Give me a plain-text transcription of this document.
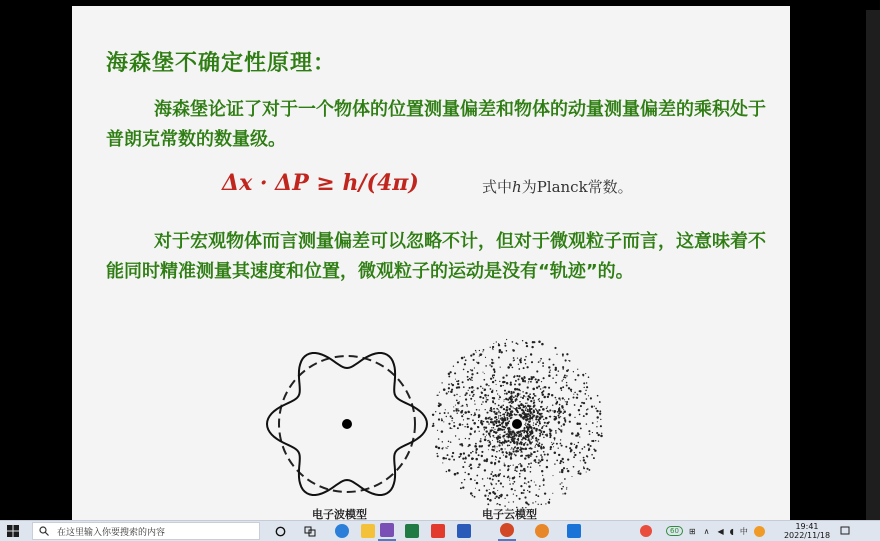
海森堡不确定性原理：
海森堡论证了对于一个物体的位置测量偏差和物体的动量测量偏差的乘积处于普朗克常数的数量级。
Δx · ΔP ≥ h/(4π)	式中h为Planck常数。
对于宏观物体而言测量偏差可以忽略不计，但对于微观粒子而言，这意味着不能同时精准测量其速度和位置，微观粒子的运动是没有“轨迹”的。
电子波模型	电子云模型
在这里输入你要搜索的内容	60	⊞ ∧ ◀ ◖ 中	19:41
2022/11/18
